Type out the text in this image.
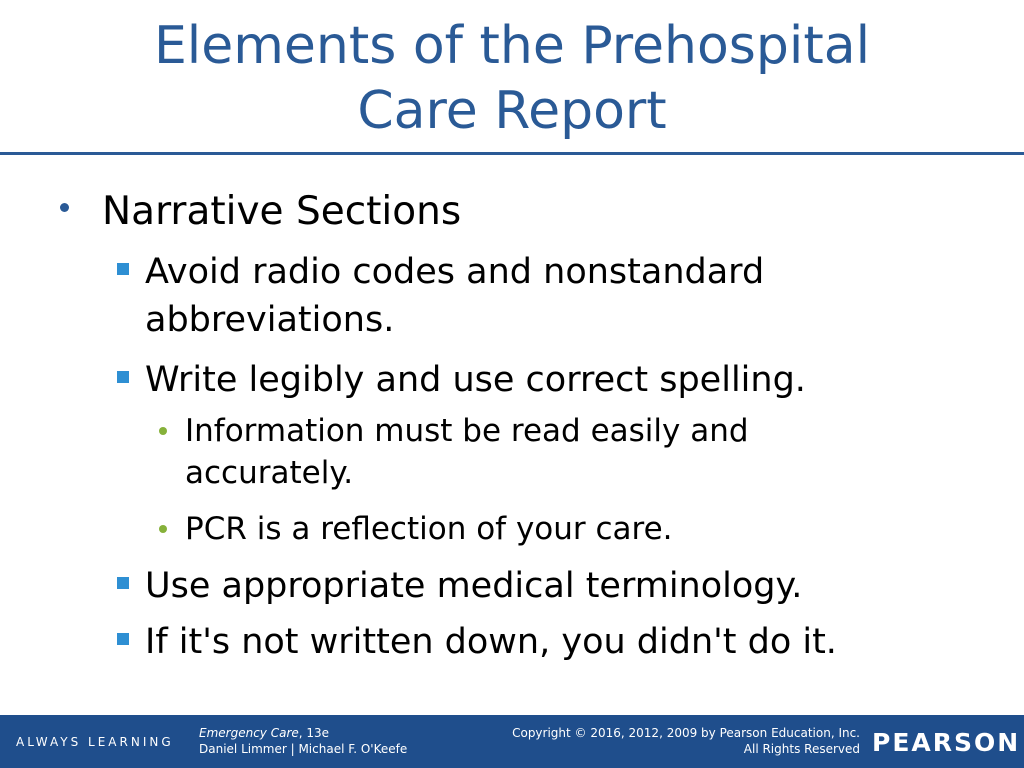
Elements of the Prehospital
Care Report
Narrative Sections
Avoid radio codes and nonstandard
abbreviations.
Write legibly and use correct spelling.
Information must be read easily and
accurately.
PCR is a reflection of your care.
Use appropriate medical terminology.
If it's not written down, you didn't do it.
ALWAYS LEARNING
Emergency Care, 13e
Daniel Limmer | Michael F. O'Keefe
Copyright © 2016, 2012, 2009 by Pearson Education, Inc.
All Rights Reserved PEARSON
